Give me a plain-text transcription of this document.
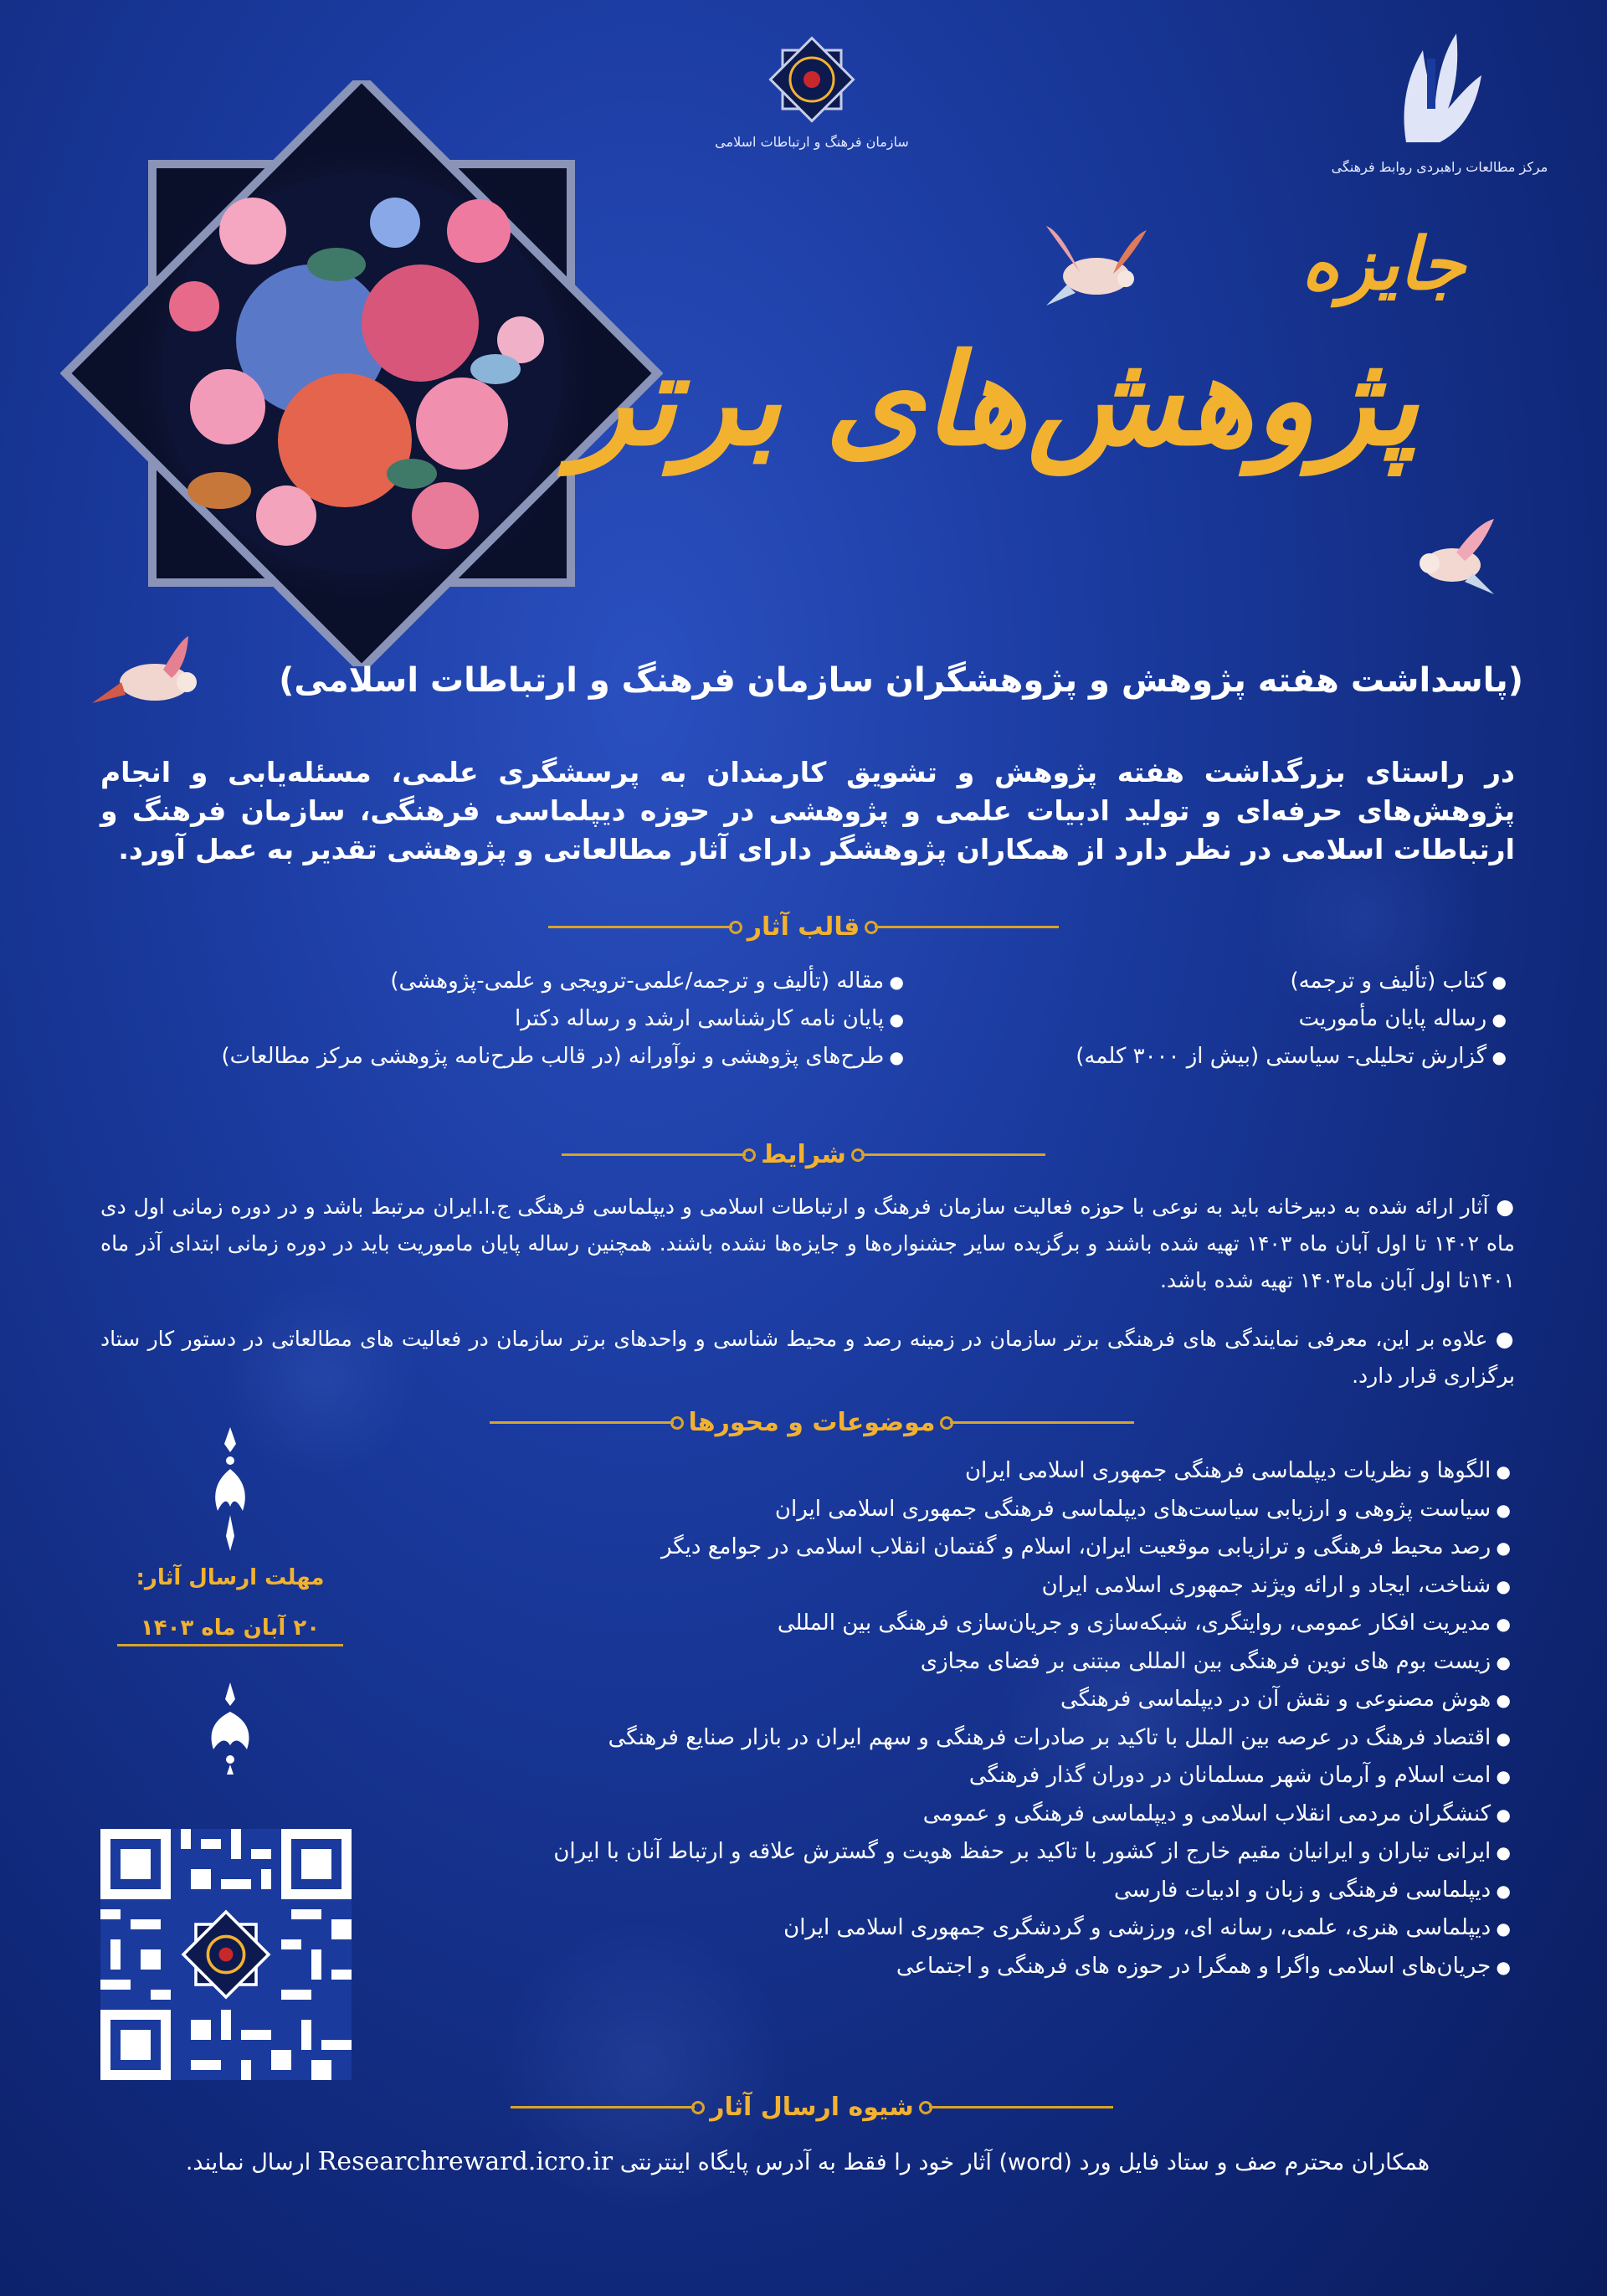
سازمان فرهنگ و ارتباطات اسلامی
مرکز مطالعات راهبردی روابط فرهنگی
جایزه
پژوهش‌های برتر
(پاسداشت هفته پژوهش و پژوهشگران سازمان فرهنگ و ارتباطات اسلامی)
در راستای بزرگداشت هفته پژوهش و تشویق کارمندان به پرسشگری علمی، مسئله‌یابی و انجام پژوهش‌های حرفه‌ای و تولید ادبیات علمی و پژوهشی در حوزه دیپلماسی فرهنگی، سازمان فرهنگ و ارتباطات اسلامی در نظر دارد از همکاران پژوهشگر دارای آثار مطالعاتی و پژوهشی تقدیر به عمل آورد.
قالب آثار
● کتاب (تألیف و ترجمه)
● رساله پایان مأموریت
● گزارش تحلیلی- سیاستی (بیش از ۳۰۰۰ کلمه)
● مقاله (تألیف و ترجمه/علمی-ترویجی و علمی-پژوهشی)
● پایان نامه کارشناسی ارشد و رساله دکترا
● طرح‌های پژوهشی و نوآورانه (در قالب طرح‌نامه پژوهشی مرکز مطالعات)
شرایط
● آثار ارائه شده به دبیرخانه باید به نوعی با حوزه فعالیت سازمان فرهنگ و ارتباطات اسلامی و دیپلماسی فرهنگی ج.ا.ایران مرتبط باشد و در دوره زمانی اول دی ماه ۱۴۰۲ تا اول آبان ماه ۱۴۰۳ تهیه شده باشند و برگزیده سایر جشنواره‌ها و جایزه‌ها نشده باشند. همچنین رساله پایان ماموریت باید در دوره زمانی ابتدای آذر ماه ۱۴۰۱تا اول آبان ماه۱۴۰۳ تهیه شده باشد.
● علاوه بر این، معرفی نمایندگی های فرهنگی برتر سازمان در زمینه رصد و محیط شناسی و واحدهای برتر سازمان در فعالیت های مطالعاتی در دستور کار ستاد برگزاری قرار دارد.
موضوعات و محورها
● الگوها و نظریات دیپلماسی فرهنگی جمهوری اسلامی ایران
● سیاست پژوهی و ارزیابی سیاست‌های دیپلماسی فرهنگی جمهوری اسلامی ایران
● رصد محیط فرهنگی و ترازیابی موقعیت ایران، اسلام و گفتمان انقلاب اسلامی در جوامع دیگر
● شناخت، ایجاد و ارائه ویژند جمهوری اسلامی ایران
● مدیریت افکار عمومی، روایتگری، شبکه‌سازی و جریان‌سازی فرهنگی بین المللی
● زیست بوم های نوین فرهنگی بین المللی مبتنی بر فضای مجازی
● هوش مصنوعی و نقش آن در دیپلماسی فرهنگی
● اقتصاد فرهنگ در عرصه بین الملل با تاکید بر صادرات فرهنگی و سهم ایران در بازار صنایع فرهنگی
● امت اسلام و آرمان شهر مسلمانان در دوران گذار فرهنگی
● کنشگران مردمی انقلاب اسلامی و دیپلماسی فرهنگی و عمومی
● ایرانی تباران و ایرانیان مقیم خارج از کشور با تاکید بر حفظ هویت و گسترش علاقه و ارتباط آنان با ایران
● دیپلماسی فرهنگی و زبان و ادبیات فارسی
● دیپلماسی هنری، علمی، رسانه ای، ورزشی و گردشگری جمهوری اسلامی ایران
● جریان‌های اسلامی واگرا و همگرا در حوزه های فرهنگی و اجتماعی
مهلت ارسال آثار:
۲۰ آبان ماه ۱۴۰۳
شیوه ارسال آثار
همکاران محترم صف و ستاد فایل ورد (word) آثار خود را فقط به آدرس پایگاه اینترنتی Researchreward.icro.ir ارسال نمایند.
